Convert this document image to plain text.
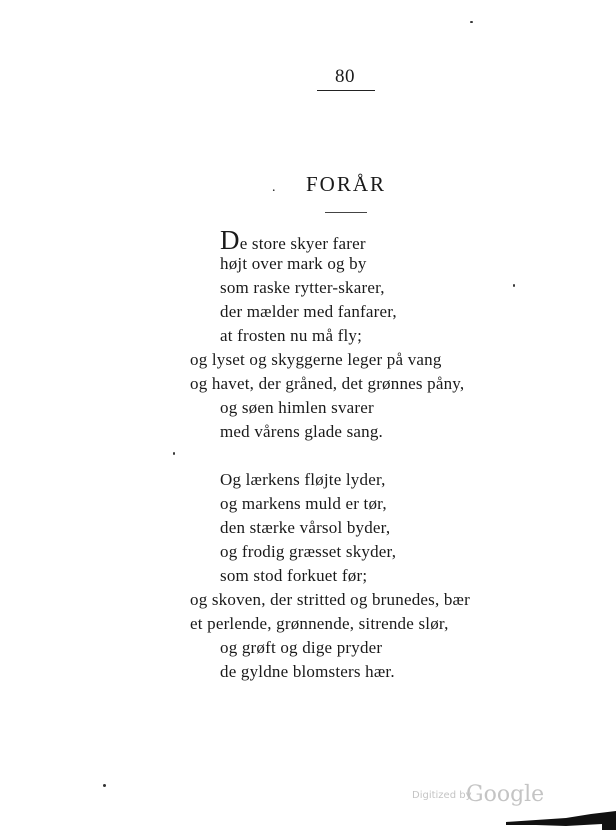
80
. FORÅR
De store skyer farer
højt over mark og by
som raske rytter-skarer,
der mælder med fanfarer,
at frosten nu må fly;
og lyset og skyggerne leger på vang
og havet, der gråned, det grønnes påny,
og søen himlen svarer
med vårens glade sang.
Og lærkens fløjte lyder,
og markens muld er tør,
den stærke vårsol byder,
og frodig græsset skyder,
som stod forkuet før;
og skoven, der stritted og brunedes, bær
et perlende, grønnende, sitrende slør,
og grøft og dige pryder
de gyldne blomsters hær.
Digitized by
Google
